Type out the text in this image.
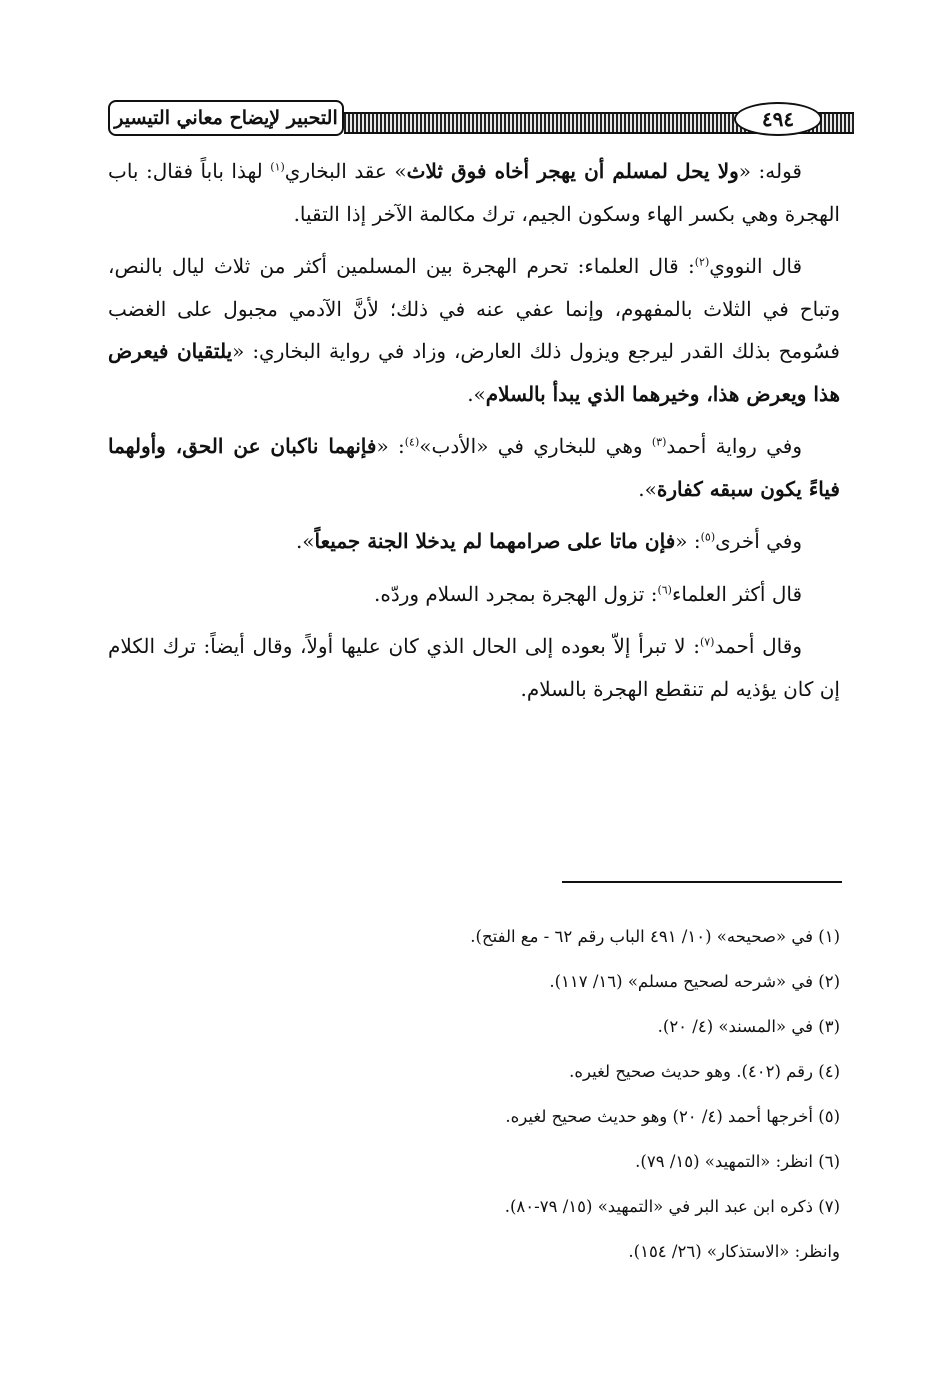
التحبير لإيضاح معاني التيسير	٤٩٤

قوله: «ولا يحل لمسلم أن يهجر أخاه فوق ثلاث» عقد البخاري$^{(١)}$ لهذا باباً فقال: باب الهجرة وهي بكسر الهاء وسكون الجيم، ترك مكالمة الآخر إذا التقيا.

قال النووي$^{(٢)}$: قال العلماء: تحرم الهجرة بين المسلمين أكثر من ثلاث ليال بالنص، وتباح في الثلاث بالمفهوم، وإنما عفي عنه في ذلك؛ لأنَّ الآدمي مجبول على الغضب فسُومح بذلك القدر ليرجع ويزول ذلك العارض، وزاد في رواية البخاري: «يلتقيان فيعرض هذا ويعرض هذا، وخيرهما الذي يبدأ بالسلام».

وفي رواية أحمد$^{(٣)}$ وهي للبخاري في «الأدب»$^{(٤)}$: «فإنهما ناكبان عن الحق، وأولهما فياءً يكون سبقه كفارة».

وفي أخرى$^{(٥)}$: «فإن ماتا على صرامهما لم يدخلا الجنة جميعاً».

قال أكثر العلماء$^{(٦)}$: تزول الهجرة بمجرد السلام وردّه.

وقال أحمد$^{(٧)}$: لا تبرأ إلاّ بعوده إلى الحال الذي كان عليها أولاً، وقال أيضاً: ترك الكلام إن كان يؤذيه لم تنقطع الهجرة بالسلام.

(١) في «صحيحه» (١٠/ ٤٩١ الباب رقم ٦٢ - مع الفتح).
(٢) في «شرحه لصحيح مسلم» (١٦/ ١١٧).
(٣) في «المسند» (٤/ ٢٠).
(٤) رقم (٤٠٢). وهو حديث صحيح لغيره.
(٥) أخرجها أحمد (٤/ ٢٠) وهو حديث صحيح لغيره.
(٦) انظر: «التمهيد» (١٥/ ٧٩).
(٧) ذكره ابن عبد البر في «التمهيد» (١٥/ ٧٩-٨٠).
وانظر: «الاستذكار» (٢٦/ ١٥٤).
